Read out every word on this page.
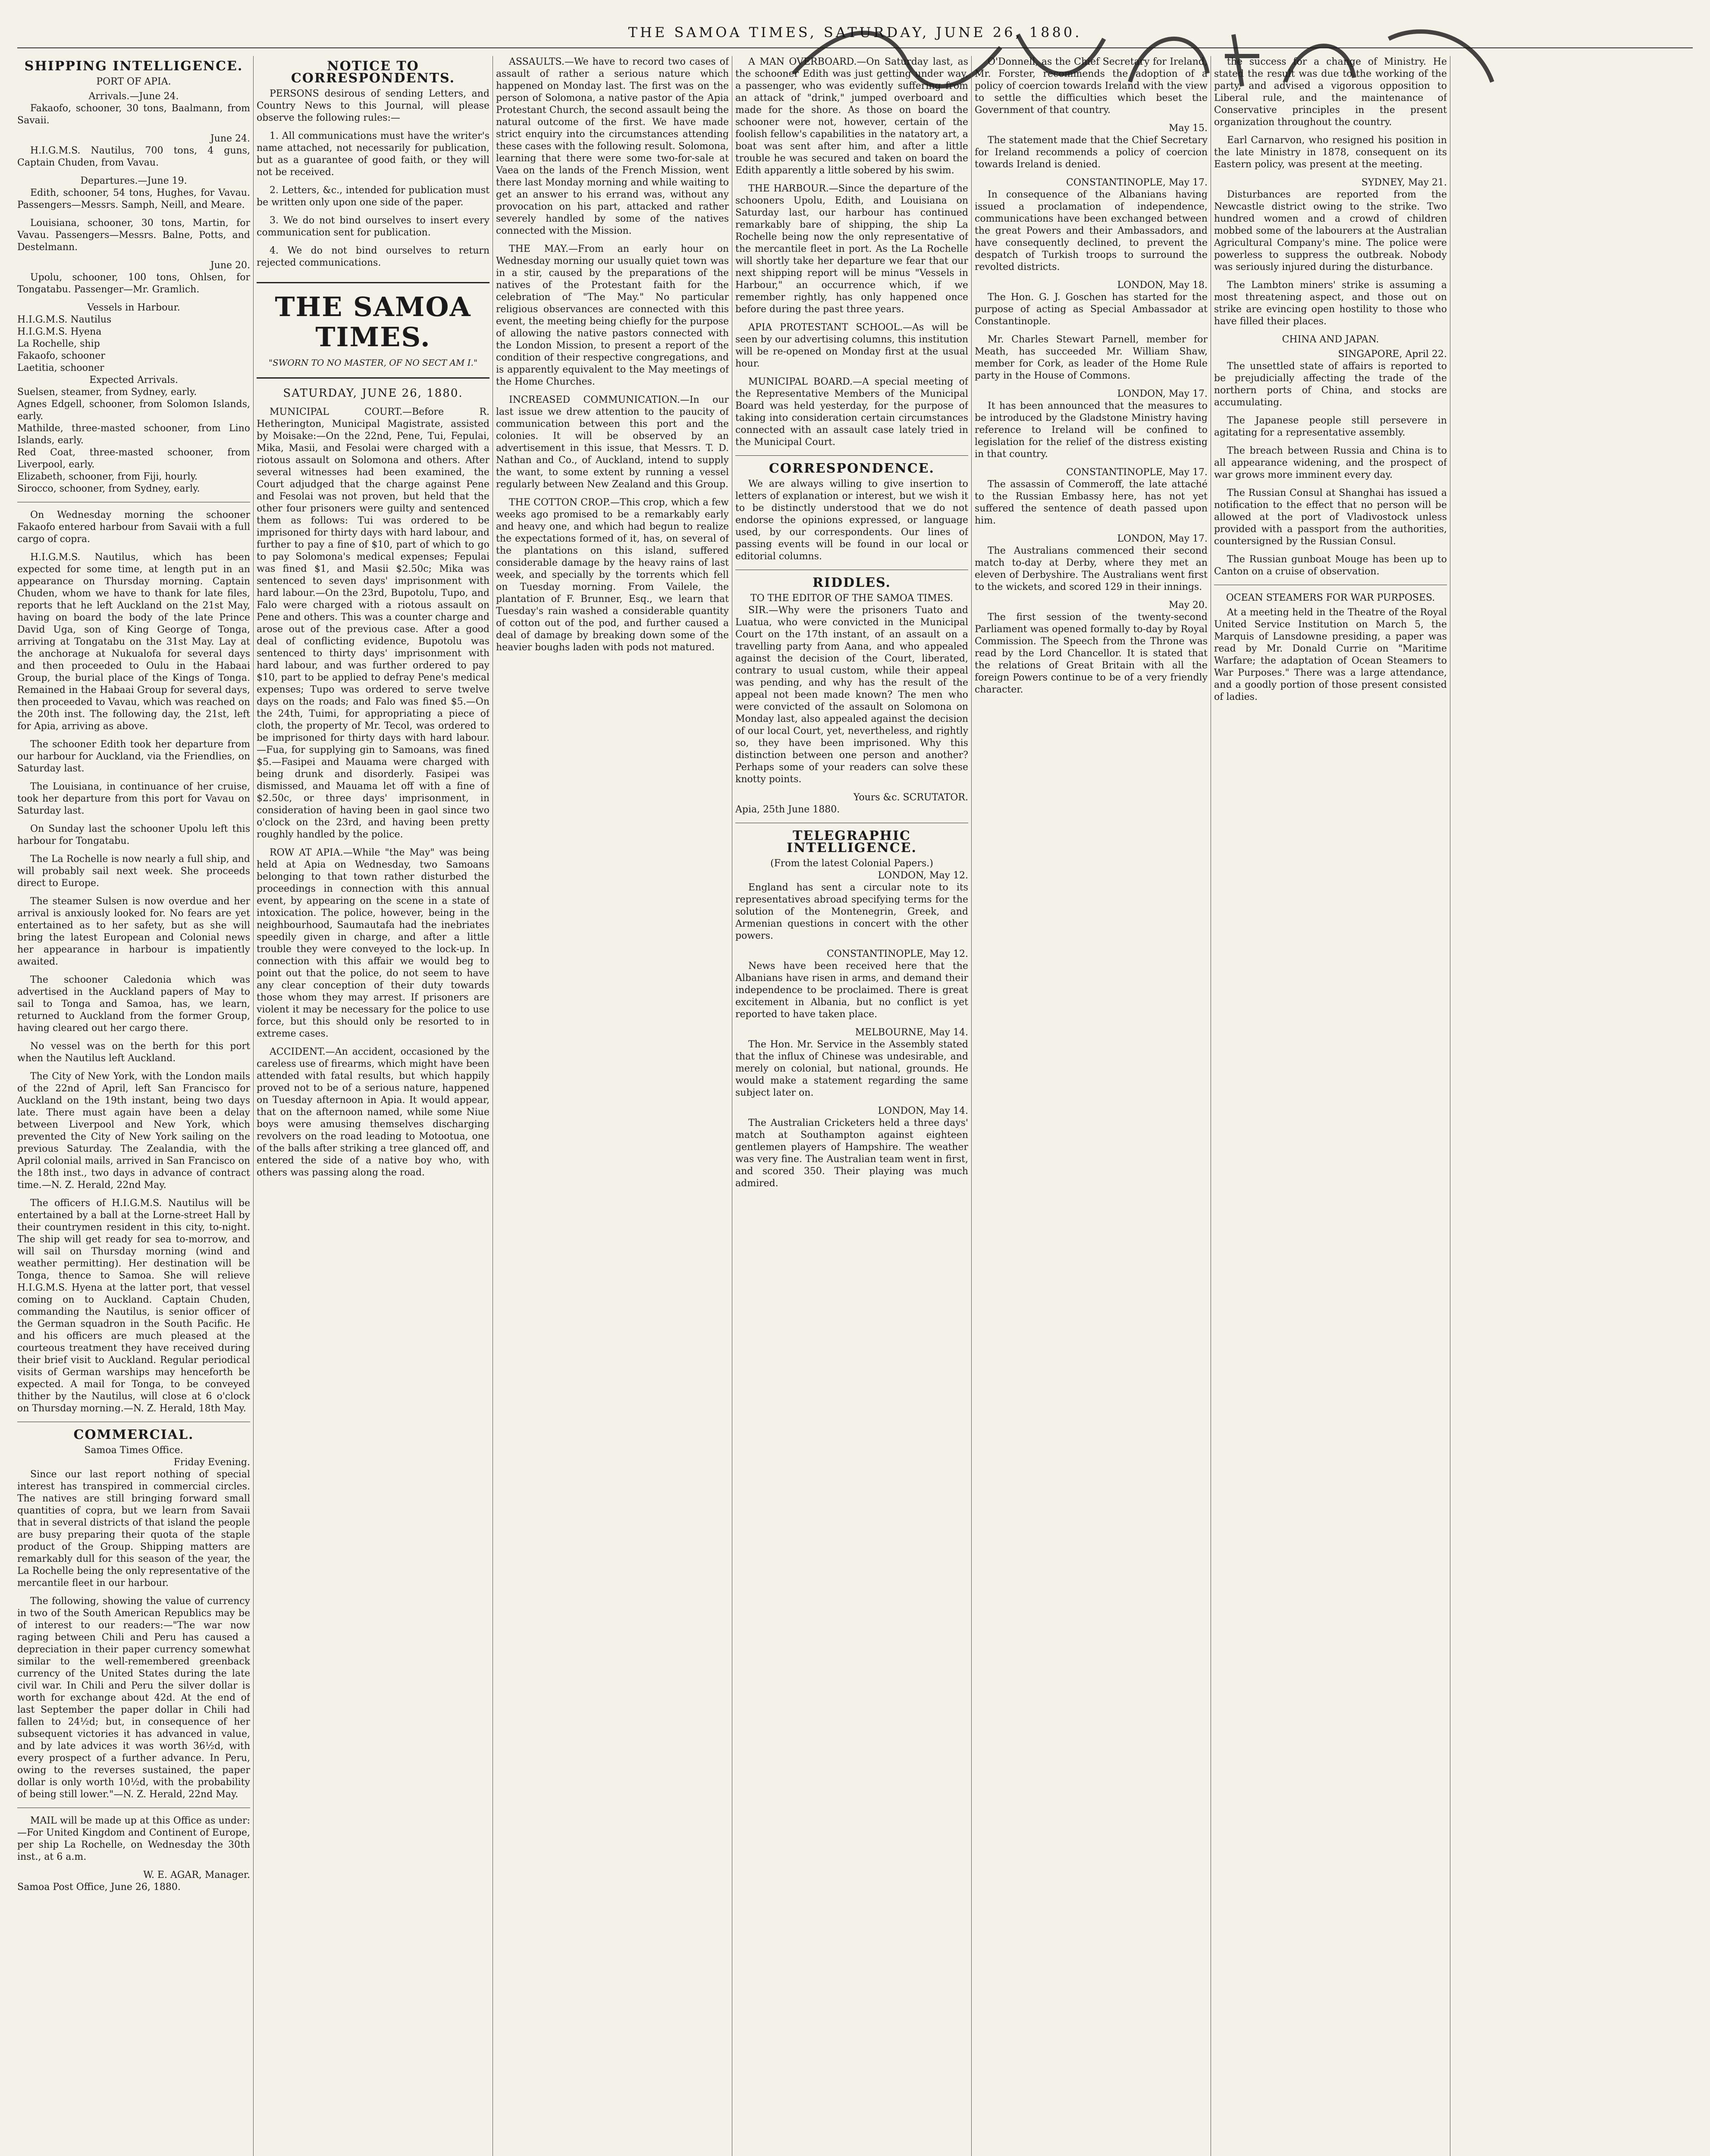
THE SAMOA TIMES, SATURDAY, JUNE 26, 1880.
SHIPPING INTELLIGENCE.
PORT OF APIA.

Arrivals.—June 24.

Fakaofo, schooner, 30 tons, Baalmann, from Savaii.

June 24.

H.I.G.M.S. Nautilus, 700 tons, 4 guns, Captain Chuden, from Vavau.

Departures.—June 19.

Edith, schooner, 54 tons, Hughes, for Vavau. Passengers—Messrs. Samph, Neill, and Meare.

Louisiana, schooner, 30 tons, Martin, for Vavau. Passengers—Messrs. Balne, Potts, and Destelmann.

June 20.

Upolu, schooner, 100 tons, Ohlsen, for Tongatabu. Passenger—Mr. Gramlich.

Vessels in Harbour.

H.I.G.M.S. Nautilus

H.I.G.M.S. Hyena

La Rochelle, ship

Fakaofo, schooner

Laetitia, schooner

Expected Arrivals.

Suelsen, steamer, from Sydney, early.

Agnes Edgell, schooner, from Solomon Islands, early.

Mathilde, three-masted schooner, from Lino Islands, early.

Red Coat, three-masted schooner, from Liverpool, early.

Elizabeth, schooner, from Fiji, hourly.

Sirocco, schooner, from Sydney, early.

On Wednesday morning the schooner Fakaofo entered harbour from Savaii with a full cargo of copra.

H.I.G.M.S. Nautilus, which has been expected for some time, at length put in an appearance on Thursday morning. Captain Chuden, whom we have to thank for late files, reports that he left Auckland on the 21st May, having on board the body of the late Prince David Uga, son of King George of Tonga, arriving at Tongatabu on the 31st May. Lay at the anchorage at Nukualofa for several days and then proceeded to Oulu in the Habaai Group, the burial place of the Kings of Tonga. Remained in the Habaai Group for several days, then proceeded to Vavau, which was reached on the 20th inst. The following day, the 21st, left for Apia, arriving as above.

The schooner Edith took her departure from our harbour for Auckland, via the Friendlies, on Saturday last.

The Louisiana, in continuance of her cruise, took her departure from this port for Vavau on Saturday last.

On Sunday last the schooner Upolu left this harbour for Tongatabu.

The La Rochelle is now nearly a full ship, and will probably sail next week. She proceeds direct to Europe.

The steamer Sulsen is now overdue and her arrival is anxiously looked for. No fears are yet entertained as to her safety, but as she will bring the latest European and Colonial news her appearance in harbour is impatiently awaited.

The schooner Caledonia which was advertised in the Auckland papers of May to sail to Tonga and Samoa, has, we learn, returned to Auckland from the former Group, having cleared out her cargo there.

No vessel was on the berth for this port when the Nautilus left Auckland.

The City of New York, with the London mails of the 22nd of April, left San Francisco for Auckland on the 19th instant, being two days late. There must again have been a delay between Liverpool and New York, which prevented the City of New York sailing on the previous Saturday. The Zealandia, with the April colonial mails, arrived in San Francisco on the 18th inst., two days in advance of contract time.—N. Z. Herald, 22nd May.

The officers of H.I.G.M.S. Nautilus will be entertained by a ball at the Lorne-street Hall by their countrymen resident in this city, to-night. The ship will get ready for sea to-morrow, and will sail on Thursday morning (wind and weather permitting). Her destination will be Tonga, thence to Samoa. She will relieve H.I.G.M.S. Hyena at the latter port, that vessel coming on to Auckland. Captain Chuden, commanding the Nautilus, is senior officer of the German squadron in the South Pacific. He and his officers are much pleased at the courteous treatment they have received during their brief visit to Auckland. Regular periodical visits of German warships may henceforth be expected. A mail for Tonga, to be conveyed thither by the Nautilus, will close at 6 o'clock on Thursday morning.—N. Z. Herald, 18th May.

COMMERCIAL.

Samoa Times Office.

Friday Evening.

Since our last report nothing of special interest has transpired in commercial circles. The natives are still bringing forward small quantities of copra, but we learn from Savaii that in several districts of that island the people are busy preparing their quota of the staple product of the Group. Shipping matters are remarkably dull for this season of the year, the La Rochelle being the only representative of the mercantile fleet in our harbour.

The following, showing the value of currency in two of the South American Republics may be of interest to our readers:—"The war now raging between Chili and Peru has caused a depreciation in their paper currency somewhat similar to the well-remembered greenback currency of the United States during the late civil war. In Chili and Peru the silver dollar is worth for exchange about 42d. At the end of last September the paper dollar in Chili had fallen to 24½d; but, in consequence of her subsequent victories it has advanced in value, and by late advices it was worth 36½d, with every prospect of a further advance. In Peru, owing to the reverses sustained, the paper dollar is only worth 10½d, with the probability of being still lower."—N. Z. Herald, 22nd May.

MAIL will be made up at this Office as under:—For United Kingdom and Continent of Europe, per ship La Rochelle, on Wednesday the 30th inst., at 6 a.m.

W. E. AGAR, Manager.

Samoa Post Office, June 26, 1880.

NOTICE TO CORRESPONDENTS.

PERSONS desirous of sending Letters, and Country News to this Journal, will please observe the following rules:—

1. All communications must have the writer's name attached, not necessarily for publication, but as a guarantee of good faith, or they will not be received.

2. Letters, &c., intended for publication must be written only upon one side of the paper.

3. We do not bind ourselves to insert every communication sent for publication.

4. We do not bind ourselves to return rejected communications.

THE SAMOA TIMES.
"SWORN TO NO MASTER, OF NO SECT AM I."
SATURDAY, JUNE 26, 1880.

MUNICIPAL COURT.—Before R. Hetherington, Municipal Magistrate, assisted by Moisake:—On the 22nd, Pene, Tui, Fepulai, Mika, Masii, and Fesolai were charged with a riotous assault on Solomona and others. After several witnesses had been examined, the Court adjudged that the charge against Pene and Fesolai was not proven, but held that the other four prisoners were guilty and sentenced them as follows: Tui was ordered to be imprisoned for thirty days with hard labour, and further to pay a fine of $10, part of which to go to pay Solomona's medical expenses; Fepulai was fined $1, and Masii $2.50c; Mika was sentenced to seven days' imprisonment with hard labour.—On the 23rd, Bupotolu, Tupo, and Falo were charged with a riotous assault on Pene and others. This was a counter charge and arose out of the previous case. After a good deal of conflicting evidence, Bupotolu was sentenced to thirty days' imprisonment with hard labour, and was further ordered to pay $10, part to be applied to defray Pene's medical expenses; Tupo was ordered to serve twelve days on the roads; and Falo was fined $5.—On the 24th, Tuimi, for appropriating a piece of cloth, the property of Mr. Tecol, was ordered to be imprisoned for thirty days with hard labour.—Fua, for supplying gin to Samoans, was fined $5.—Fasipei and Mauama were charged with being drunk and disorderly. Fasipei was dismissed, and Mauama let off with a fine of $2.50c, or three days' imprisonment, in consideration of having been in gaol since two o'clock on the 23rd, and having been pretty roughly handled by the police.

ROW AT APIA.—While "the May" was being held at Apia on Wednesday, two Samoans belonging to that town rather disturbed the proceedings in connection with this annual event, by appearing on the scene in a state of intoxication. The police, however, being in the neighbourhood, Saumautafa had the inebriates speedily given in charge, and after a little trouble they were conveyed to the lock-up. In connection with this affair we would beg to point out that the police, do not seem to have any clear conception of their duty towards those whom they may arrest. If prisoners are violent it may be necessary for the police to use force, but this should only be resorted to in extreme cases.

ACCIDENT.—An accident, occasioned by the careless use of firearms, which might have been attended with fatal results, but which happily proved not to be of a serious nature, happened on Tuesday afternoon in Apia. It would appear, that on the afternoon named, while some Niue boys were amusing themselves discharging revolvers on the road leading to Motootua, one of the balls after striking a tree glanced off, and entered the side of a native boy who, with others was passing along the road.

ASSAULTS.—We have to record two cases of assault of rather a serious nature which happened on Monday last. The first was on the person of Solomona, a native pastor of the Apia Protestant Church, the second assault being the natural outcome of the first. We have made strict enquiry into the circumstances attending these cases with the following result. Solomona, learning that there were some two-for-sale at Vaea on the lands of the French Mission, went there last Monday morning and while waiting to get an answer to his errand was, without any provocation on his part, attacked and rather severely handled by some of the natives connected with the Mission.

THE MAY.—From an early hour on Wednesday morning our usually quiet town was in a stir, caused by the preparations of the natives of the Protestant faith for the celebration of "The May." No particular religious observances are connected with this event, the meeting being chiefly for the purpose of allowing the native pastors connected with the London Mission, to present a report of the condition of their respective congregations, and is apparently equivalent to the May meetings of the Home Churches.

INCREASED COMMUNICATION.—In our last issue we drew attention to the paucity of communication between this port and the colonies. It will be observed by an advertisement in this issue, that Messrs. T. D. Nathan and Co., of Auckland, intend to supply the want, to some extent by running a vessel regularly between New Zealand and this Group.

THE COTTON CROP.—This crop, which a few weeks ago promised to be a remarkably early and heavy one, and which had begun to realize the expectations formed of it, has, on several of the plantations on this island, suffered considerable damage by the heavy rains of last week, and specially by the torrents which fell on Tuesday morning. From Vailele, the plantation of F. Brunner, Esq., we learn that Tuesday's rain washed a considerable quantity of cotton out of the pod, and further caused a deal of damage by breaking down some of the heavier boughs laden with pods not matured.

A MAN OVERBOARD.—On Saturday last, as the schooner Edith was just getting under way, a passenger, who was evidently suffering from an attack of "drink," jumped overboard and made for the shore. As those on board the schooner were not, however, certain of the foolish fellow's capabilities in the natatory art, a boat was sent after him, and after a little trouble he was secured and taken on board the Edith apparently a little sobered by his swim.

THE HARBOUR.—Since the departure of the schooners Upolu, Edith, and Louisiana on Saturday last, our harbour has continued remarkably bare of shipping, the ship La Rochelle being now the only representative of the mercantile fleet in port. As the La Rochelle will shortly take her departure we fear that our next shipping report will be minus "Vessels in Harbour," an occurrence which, if we remember rightly, has only happened once before during the past three years.

APIA PROTESTANT SCHOOL.—As will be seen by our advertising columns, this institution will be re-opened on Monday first at the usual hour.

MUNICIPAL BOARD.—A special meeting of the Representative Members of the Municipal Board was held yesterday, for the purpose of taking into consideration certain circumstances connected with an assault case lately tried in the Municipal Court.

CORRESPONDENCE.

We are always willing to give insertion to letters of explanation or interest, but we wish it to be distinctly understood that we do not endorse the opinions expressed, or language used, by our correspondents. Our lines of passing events will be found in our local or editorial columns.

RIDDLES.

TO THE EDITOR OF THE SAMOA TIMES.

SIR.—Why were the prisoners Tuato and Luatua, who were convicted in the Municipal Court on the 17th instant, of an assault on a travelling party from Aana, and who appealed against the decision of the Court, liberated, contrary to usual custom, while their appeal was pending, and why has the result of the appeal not been made known? The men who were convicted of the assault on Solomona on Monday last, also appealed against the decision of our local Court, yet, nevertheless, and rightly so, they have been imprisoned. Why this distinction between one person and another? Perhaps some of your readers can solve these knotty points.

Yours &c. SCRUTATOR.

Apia, 25th June 1880.

TELEGRAPHIC INTELLIGENCE.

(From the latest Colonial Papers.)

LONDON, May 12.

England has sent a circular note to its representatives abroad specifying terms for the solution of the Montenegrin, Greek, and Armenian questions in concert with the other powers.

CONSTANTINOPLE, May 12.

News have been received here that the Albanians have risen in arms, and demand their independence to be proclaimed. There is great excitement in Albania, but no conflict is yet reported to have taken place.

MELBOURNE, May 14.

The Hon. Mr. Service in the Assembly stated that the influx of Chinese was undesirable, and merely on colonial, but national, grounds. He would make a statement regarding the same subject later on.

LONDON, May 14.

The Australian Cricketers held a three days' match at Southampton against eighteen gentlemen players of Hampshire. The weather was very fine. The Australian team went in first, and scored 350. Their playing was much admired.

O'Donnell, as the Chief Secretary for Ireland, Mr. Forster, recommends the adoption of a policy of coercion towards Ireland with the view to settle the difficulties which beset the Government of that country.

May 15.

The statement made that the Chief Secretary for Ireland recommends a policy of coercion towards Ireland is denied.

CONSTANTINOPLE, May 17.

In consequence of the Albanians having issued a proclamation of independence, communications have been exchanged between the great Powers and their Ambassadors, and have consequently declined, to prevent the despatch of Turkish troops to surround the revolted districts.

LONDON, May 18.

The Hon. G. J. Goschen has started for the purpose of acting as Special Ambassador at Constantinople.

Mr. Charles Stewart Parnell, member for Meath, has succeeded Mr. William Shaw, member for Cork, as leader of the Home Rule party in the House of Commons.

LONDON, May 17.

It has been announced that the measures to be introduced by the Gladstone Ministry having reference to Ireland will be confined to legislation for the relief of the distress existing in that country.

CONSTANTINOPLE, May 17.

The assassin of Commeroff, the late attaché to the Russian Embassy here, has not yet suffered the sentence of death passed upon him.

LONDON, May 17.

The Australians commenced their second match to-day at Derby, where they met an eleven of Derbyshire. The Australians went first to the wickets, and scored 129 in their innings.

May 20.

The first session of the twenty-second Parliament was opened formally to-day by Royal Commission. The Speech from the Throne was read by the Lord Chancellor. It is stated that the relations of Great Britain with all the foreign Powers continue to be of a very friendly character.

the success for a change of Ministry. He stated the result was due to the working of the party, and advised a vigorous opposition to Liberal rule, and the maintenance of Conservative principles in the present organization throughout the country.

Earl Carnarvon, who resigned his position in the late Ministry in 1878, consequent on its Eastern policy, was present at the meeting.

SYDNEY, May 21.

Disturbances are reported from the Newcastle district owing to the strike. Two hundred women and a crowd of children mobbed some of the labourers at the Australian Agricultural Company's mine. The police were powerless to suppress the outbreak. Nobody was seriously injured during the disturbance.

The Lambton miners' strike is assuming a most threatening aspect, and those out on strike are evincing open hostility to those who have filled their places.

CHINA AND JAPAN.

SINGAPORE, April 22.

The unsettled state of affairs is reported to be prejudicially affecting the trade of the northern ports of China, and stocks are accumulating.

The Japanese people still persevere in agitating for a representative assembly.

The breach between Russia and China is to all appearance widening, and the prospect of war grows more imminent every day.

The Russian Consul at Shanghai has issued a notification to the effect that no person will be allowed at the port of Vladivostock unless provided with a passport from the authorities, countersigned by the Russian Consul.

The Russian gunboat Mouge has been up to Canton on a cruise of observation.

OCEAN STEAMERS FOR WAR PURPOSES.

At a meeting held in the Theatre of the Royal United Service Institution on March 5, the Marquis of Lansdowne presiding, a paper was read by Mr. Donald Currie on "Maritime Warfare; the adaptation of Ocean Steamers to War Purposes." There was a large attendance, and a goodly portion of those present consisted of ladies.
